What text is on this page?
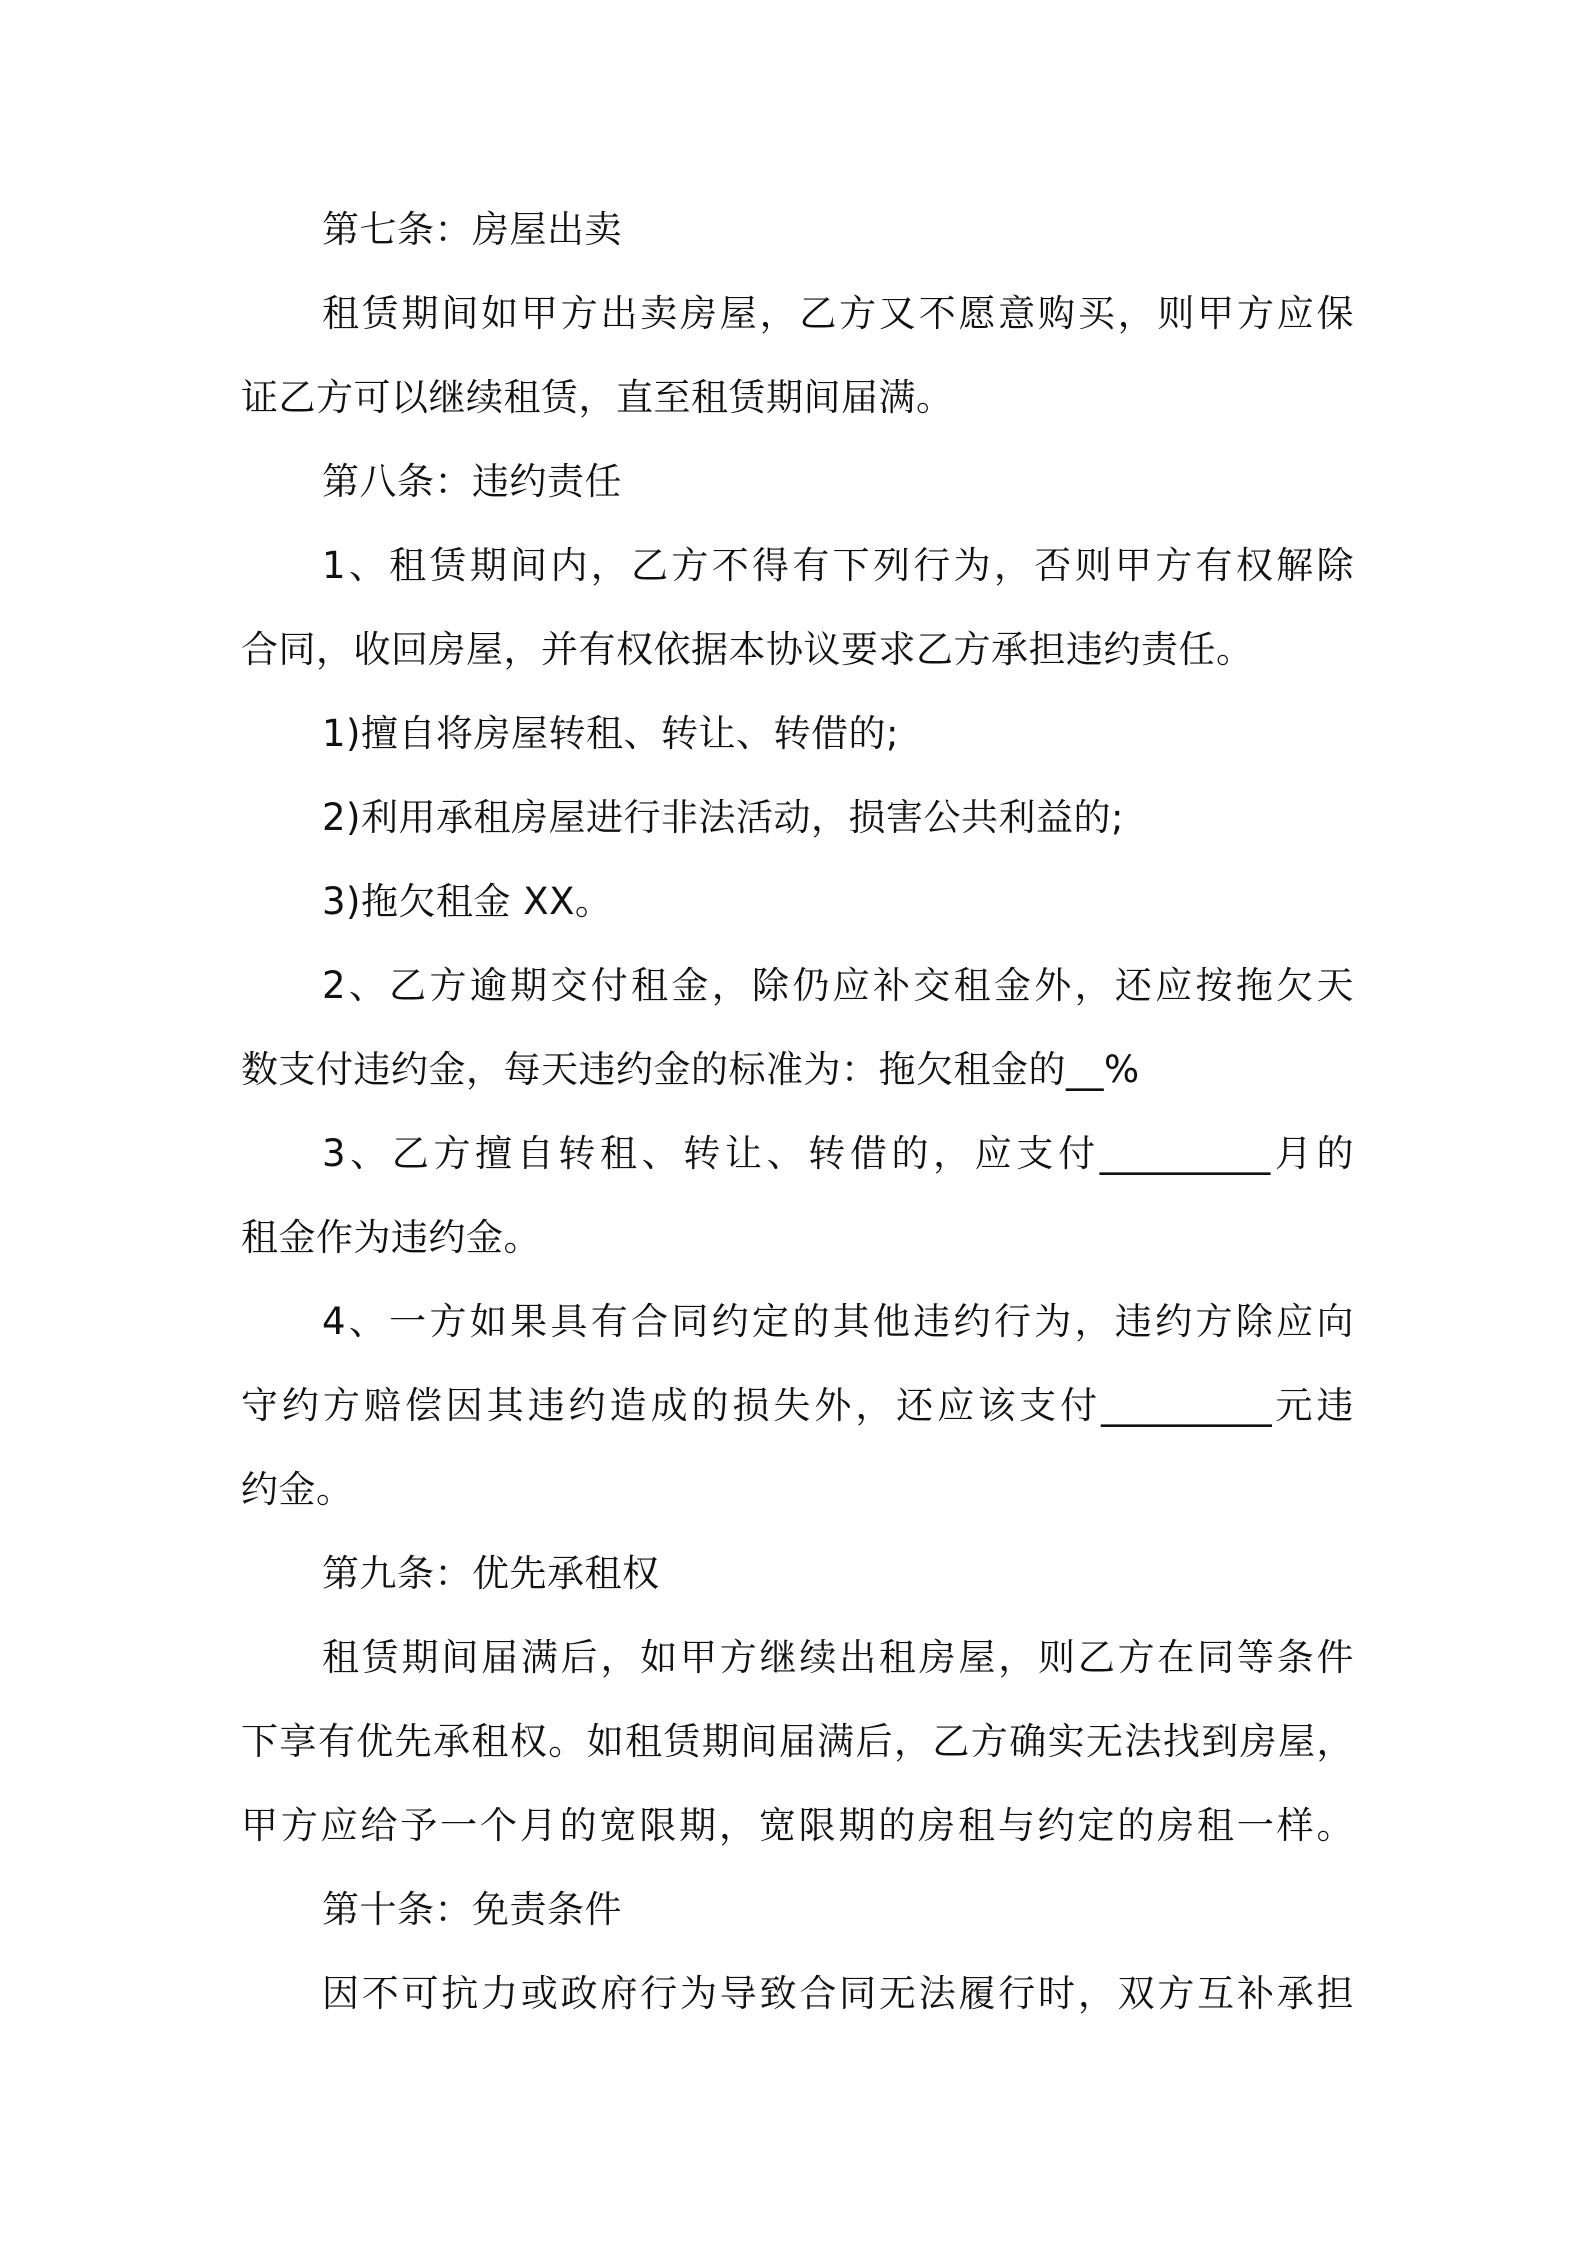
第七条：房屋出卖
租赁期间如甲方出卖房屋，乙方又不愿意购买，则甲方应保
证乙方可以继续租赁，直至租赁期间届满。
第八条：违约责任
1、租赁期间内，乙方不得有下列行为，否则甲方有权解除
合同，收回房屋，并有权依据本协议要求乙方承担违约责任。
1)擅自将房屋转租、转让、转借的;
2)利用承租房屋进行非法活动，损害公共利益的;
3)拖欠租金 XX。
2、乙方逾期交付租金，除仍应补交租金外，还应按拖欠天
数支付违约金，每天违约金的标准为：拖欠租金的__%
3、乙方擅自转租、转让、转借的，应支付_________月的
租金作为违约金。
4、一方如果具有合同约定的其他违约行为，违约方除应向
守约方赔偿因其违约造成的损失外，还应该支付_________元违
约金。
第九条：优先承租权
租赁期间届满后，如甲方继续出租房屋，则乙方在同等条件
下享有优先承租权。如租赁期间届满后，乙方确实无法找到房屋，
甲方应给予一个月的宽限期，宽限期的房租与约定的房租一样。
第十条：免责条件
因不可抗力或政府行为导致合同无法履行时，双方互补承担
